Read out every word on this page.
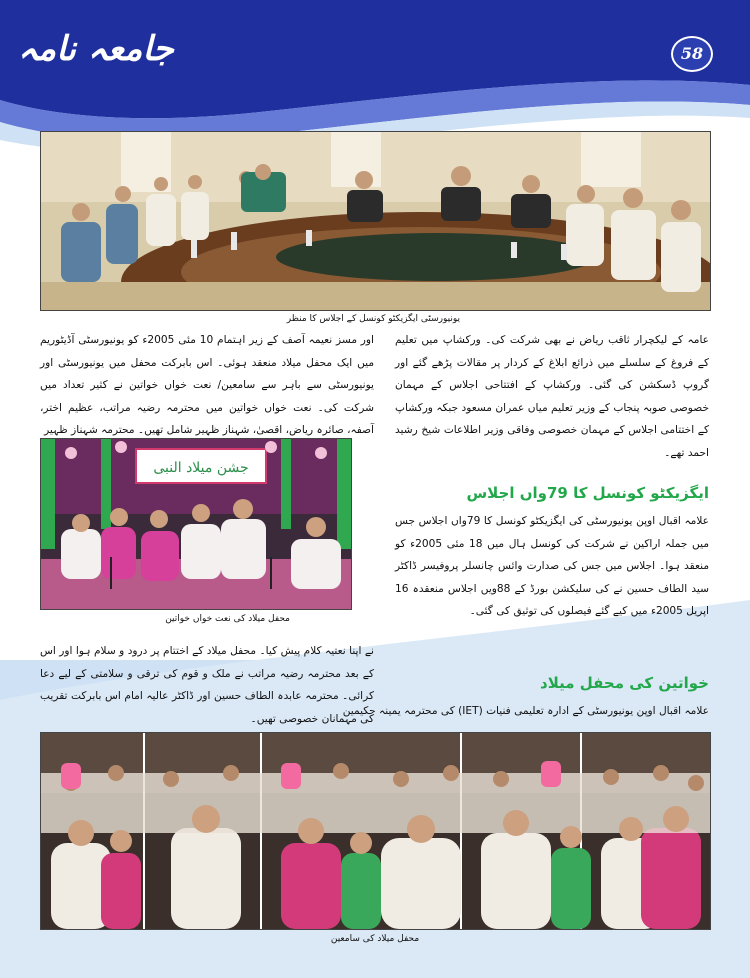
جامعہ نامہ	58
یونیورسٹی ایگزیکٹو کونسل کے اجلاس کا منظر
عامہ کے لیکچرار ثاقب ریاض نے بھی شرکت کی۔ ورکشاپ میں تعلیم کے فروغ کے سلسلے میں ذرائع ابلاغ کے کردار پر مقالات پڑھے گئے اور گروپ ڈسکشن کی گئی۔ ورکشاپ کے افتتاحی اجلاس کے مہمان خصوصی صوبہ پنجاب کے وزیر تعلیم میاں عمران مسعود جبکہ ورکشاپ کے اختتامی اجلاس کے مہمان خصوصی وفاقی وزیر اطلاعات شیخ رشید احمد تھے۔
ایگزیکٹو کونسل کا 79واں اجلاس
علامہ اقبال اوپن یونیورسٹی کی ایگزیکٹو کونسل کا 79واں اجلاس جس میں جملہ اراکین نے شرکت کی کونسل ہال میں 18 مئی 2005ء کو منعقد ہوا۔ اجلاس میں جس کی صدارت وائس چانسلر پروفیسر ڈاکٹر سید الطاف حسین نے کی سلیکشن بورڈ کے 88ویں اجلاس منعقدہ 16 اپریل 2005ء میں کیے گئے فیصلوں کی توثیق کی گئی۔
خواتین کی محفل میلاد
علامہ اقبال اوپن یونیورسٹی کے ادارہ تعلیمی فنیات (IET) کی محترمہ یمینہ حکیمین
اور مسز نعیمہ آصف کے زیر اہتمام 10 مئی 2005ء کو یونیورسٹی آڈیٹوریم میں ایک محفل میلاد منعقد ہوئی۔ اس بابرکت محفل میں یونیورسٹی اور یونیورسٹی سے باہر سے سامعین/ نعت خواں خواتین نے کثیر تعداد میں شرکت کی۔ نعت خواں خواتین میں محترمہ رضیہ مراتب، عظیم اختر، آصفہ، صائرہ ریاض، اقصیٰ، شہناز ظہیر شامل تھیں۔ محترمہ شہناز ظہیر
جشن میلاد النبی
محفل میلاد کی نعت خواں خواتین
نے اپنا نعتیہ کلام پیش کیا۔ محفل میلاد کے اختتام پر درود و سلام ہوا اور اس کے بعد محترمہ رضیہ مراتب نے ملک و قوم کی ترقی و سلامتی کے لیے دعا کرائی۔ محترمہ عابدہ الطاف حسین اور ڈاکٹر عالیہ امام اس بابرکت تقریب کی مہمانان خصوصی تھیں۔
محفل میلاد کی سامعین
